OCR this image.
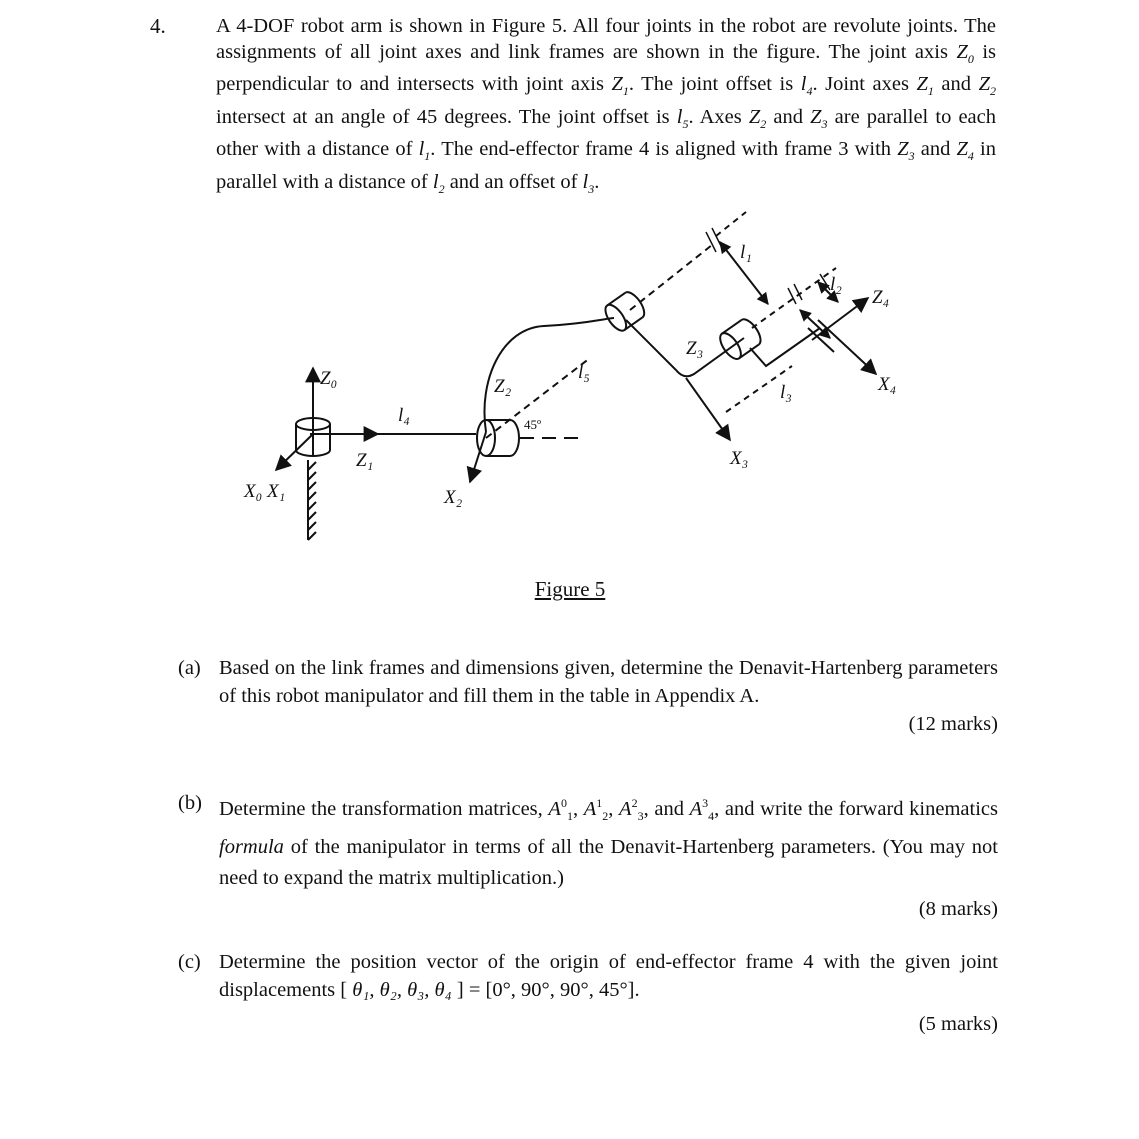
4. A 4-DOF robot arm is shown in Figure 5. All four joints in the robot are revolute joints. The assignments of all joint axes and link frames are shown in the figure. The joint axis $Z_0$ is perpendicular to and intersects with joint axis $Z_1$. The joint offset is $l_4$. Joint axes $Z_1$ and $Z_2$ intersect at an angle of 45 degrees. The joint offset is $l_5$. Axes $Z_2$ and $Z_3$ are parallel to each other with a distance of $l_1$. The end-effector frame 4 is aligned with frame 3 with $Z_3$ and $Z_4$ in parallel with a distance of $l_2$ and an offset of $l_3$.

Z₀
X₀ X₁
Z₁
l₄
X₂
Z₂
45º
l₅
Z₃
X₃
l₁
l₃
l₂
Z₄
X₄
Figure 5
(a) Based on the link frames and dimensions given, determine the Denavit-Hartenberg parameters of this robot manipulator and fill them in the table in Appendix A.
(12 marks)
(b) Determine the transformation matrices, $A^0_1$, $A^1_2$, $A^2_3$, and $A^3_4$, and write the forward kinematics formula of the manipulator in terms of all the Denavit-Hartenberg parameters. (You may not need to expand the matrix multiplication.)
(8 marks)
(c) Determine the position vector of the origin of end-effector frame 4 with the given joint displacements [ θ₁, θ₂, θ₃, θ₄ ] = [0°, 90°, 90°, 45°].
(5 marks)
